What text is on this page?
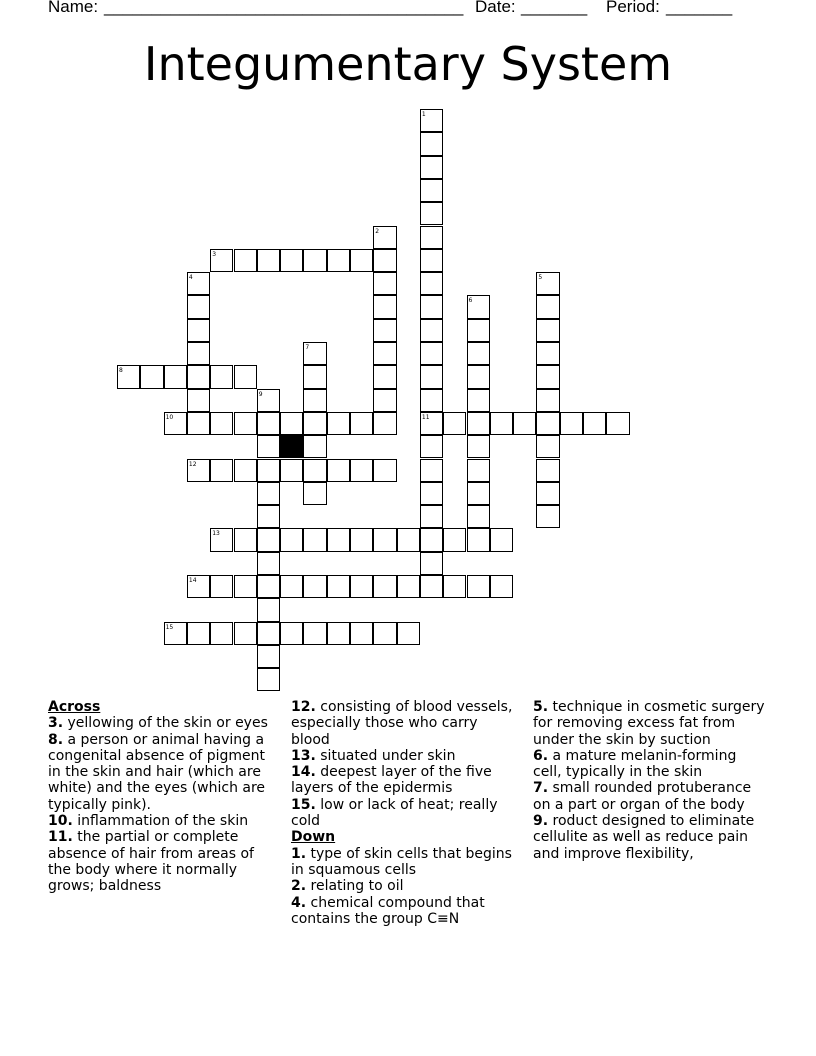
Name: ______________________________________ Date: _______ Period: _______
Integumentary System
1
11
2
3
4	5
6
7
8
9
10
12
13
14
15
Across
3. yellowing of the skin or eyes
8. a person or animal having a congenital absence of pigment in the skin and hair (which are white) and the eyes (which are typically pink).
10. inflammation of the skin
11. the partial or complete absence of hair from areas of the body where it normally grows; baldness
12. consisting of blood vessels, especially those who carry blood
13. situated under skin
14. deepest layer of the five layers of the epidermis
15. low or lack of heat; really cold
Down
1. type of skin cells that begins in squamous cells
2. relating to oil
4. chemical compound that contains the group C≡N
5. technique in cosmetic surgery for removing excess fat from under the skin by suction
6. a mature melanin-forming cell, typically in the skin
7. small rounded protuberance on a part or organ of the body
9. roduct designed to eliminate cellulite as well as reduce pain and improve flexibility,
